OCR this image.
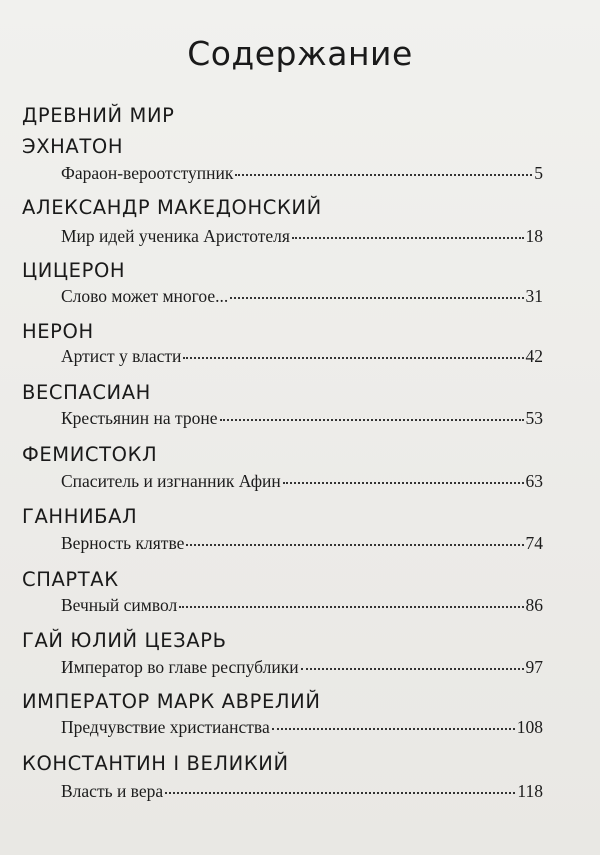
Содержание
ДРЕВНИЙ МИР
ЭХНАТОН
Фараон-вероотступник	5
АЛЕКСАНДР МАКЕДОНСКИЙ
Мир идей ученика Аристотеля	18
ЦИЦЕРОН
Слово может многое...	31
НЕРОН
Артист у власти	42
ВЕСПАСИАН
Крестьянин на троне	53
ФЕМИСТОКЛ
Спаситель и изгнанник Афин	63
ГАННИБАЛ
Верность клятве	74
СПАРТАК
Вечный символ	86
ГАЙ ЮЛИЙ ЦЕЗАРЬ
Император во главе республики	97
ИМПЕРАТОР МАРК АВРЕЛИЙ
Предчувствие христианства	108
КОНСТАНТИН I ВЕЛИКИЙ
Власть и вера	118
